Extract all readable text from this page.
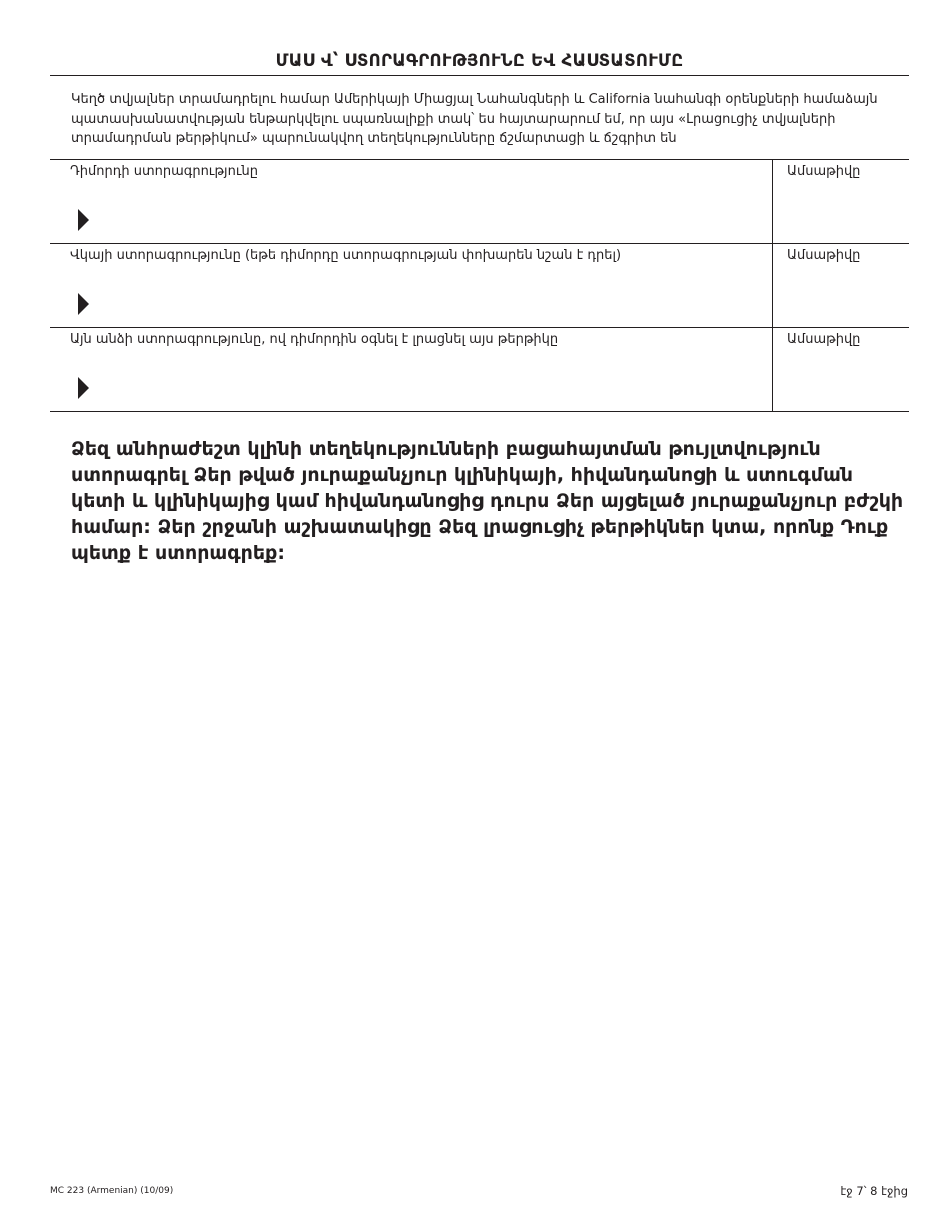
ՄԱՍ Վ՝ ՍՏՈՐԱԳՐՈՒԹՅՈՒՆԸ ԵՎ ՀԱՍՏԱՏՈՒՄԸ
Կեղծ տվյալներ տրամադրելու համար Ամերիկայի Միացյալ Նահանգների և California նահանգի օրենքների համաձայն պատասխանատվության ենթարկվելու սպառնալիքի տակ՝ ես հայտարարում եմ, որ այս «Լրացուցիչ տվյալների տրամադրման թերթիկում» պարունակվող տեղեկությունները ճշմարտացի և ճշգրիտ են
Դիմորդի ստորագրությունը	Ամսաթիվը
Վկայի ստորագրությունը (եթե դիմորդը ստորագրության փոխարեն նշան է դրել)	Ամսաթիվը
Այն անձի ստորագրությունը, ով դիմորդին օգնել է լրացնել այս թերթիկը	Ամսաթիվը
Ձեզ անհրաժեշտ կլինի տեղեկությունների բացահայտման թույլտվություն ստորագրել Ձեր թված յուրաքանչյուր կլինիկայի, հիվանդանոցի և ստուգման կետի և կլինիկայից կամ հիվանդանոցից դուրս Ձեր այցելած յուրաքանչյուր բժշկի համար: Ձեր շրջանի աշխատակիցը Ձեզ լրացուցիչ թերթիկներ կտա, որոնք Դուք պետք է ստորագրեք:
MC 223 (Armenian) (10/09)	էջ 7՝ 8 էջից
